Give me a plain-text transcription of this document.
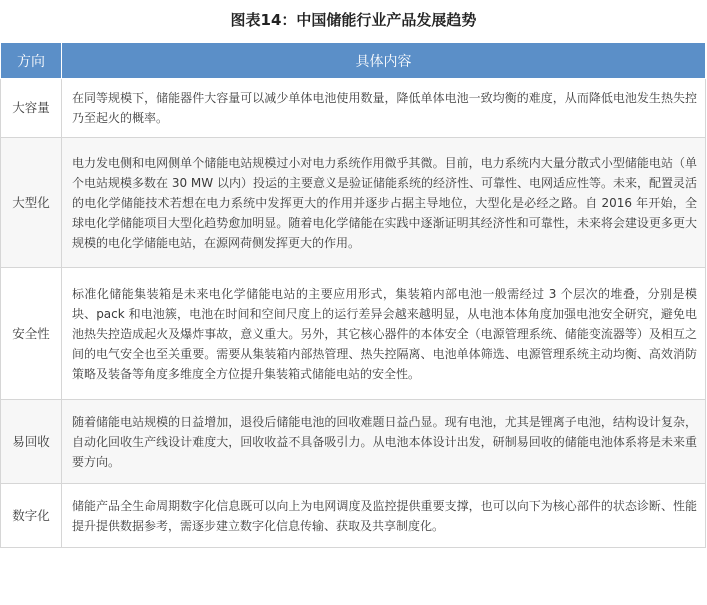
图表14：中国储能行业产品发展趋势
方向	具体内容
大容量	在同等规模下，储能器件大容量可以减少单体电池使用数量，降低单体电池一致均衡的难度，从而降低电池发生热失控乃至起火的概率。
大型化	电力发电侧和电网侧单个储能电站规模过小对电力系统作用微乎其微。目前，电力系统内大量分散式小型储能电站（单个电站规模多数在 30 MW 以内）投运的主要意义是验证储能系统的经济性、可靠性、电网适应性等。未来，配置灵活的电化学储能技术若想在电力系统中发挥更大的作用并逐步占据主导地位，大型化是必经之路。自 2016 年开始，全球电化学储能项目大型化趋势愈加明显。随着电化学储能在实践中逐渐证明其经济性和可靠性，未来将会建设更多更大规模的电化学储能电站，在源网荷侧发挥更大的作用。
安全性	标准化储能集装箱是未来电化学储能电站的主要应用形式，集装箱内部电池一般需经过 3 个层次的堆叠，分别是模块、pack 和电池簇，电池在时间和空间尺度上的运行差异会越来越明显，从电池本体角度加强电池安全研究，避免电池热失控造成起火及爆炸事故，意义重大。另外，其它核心器件的本体安全（电源管理系统、储能变流器等）及相互之间的电气安全也至关重要。需要从集装箱内部热管理、热失控隔离、电池单体筛选、电源管理系统主动均衡、高效消防策略及装备等角度多维度全方位提升集装箱式储能电站的安全性。
易回收	随着储能电站规模的日益增加，退役后储能电池的回收难题日益凸显。现有电池，尤其是锂离子电池，结构设计复杂，自动化回收生产线设计难度大，回收收益不具备吸引力。从电池本体设计出发，研制易回收的储能电池体系将是未来重要方向。
数字化	储能产品全生命周期数字化信息既可以向上为电网调度及监控提供重要支撑，也可以向下为核心部件的状态诊断、性能提升提供数据参考，需逐步建立数字化信息传输、获取及共享制度化。
